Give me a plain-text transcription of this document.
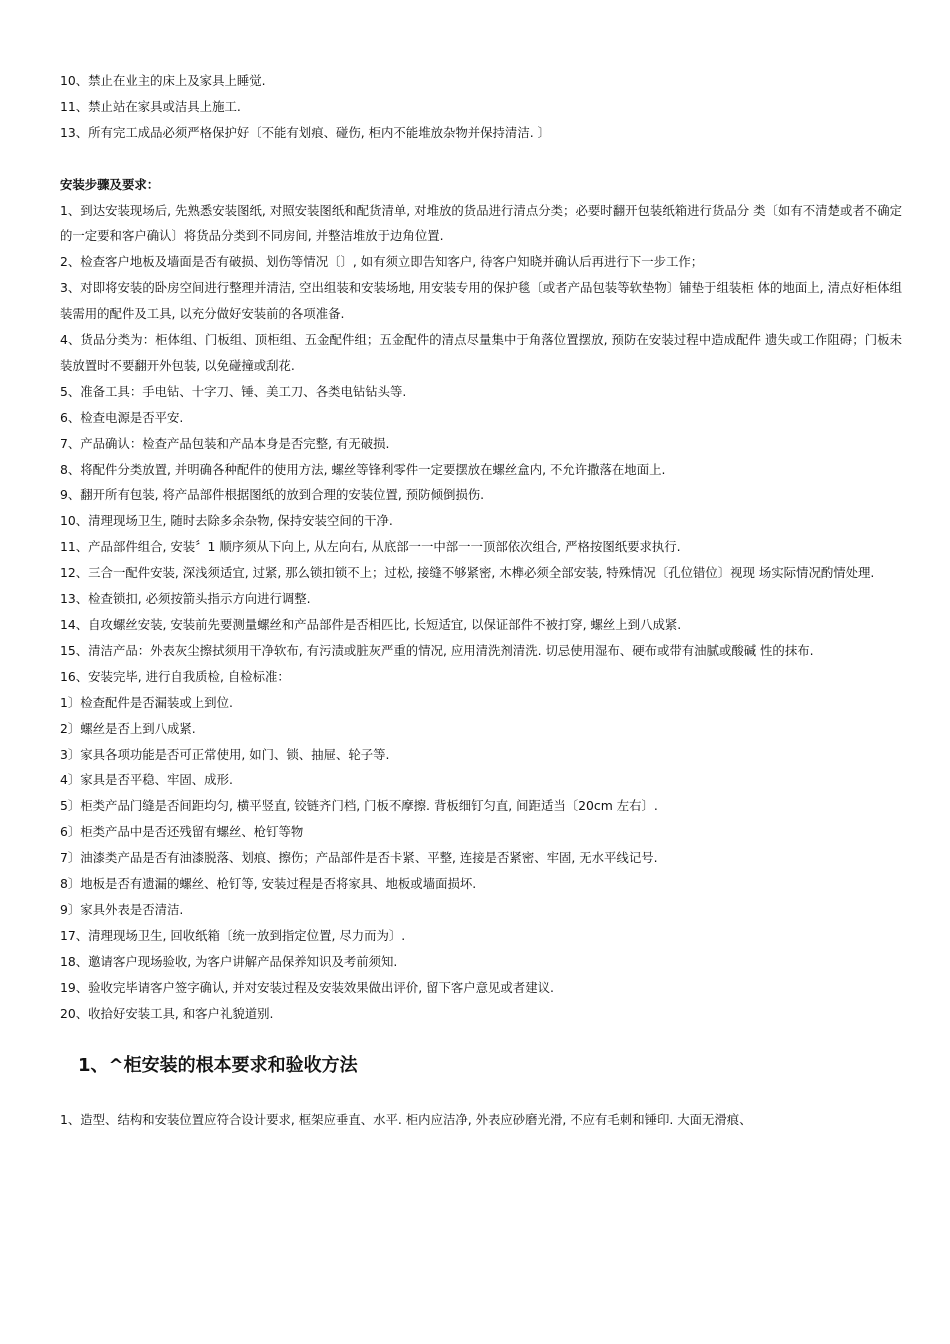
10、禁止在业主的床上及家具上睡觉.
11、禁止站在家具或洁具上施工.
13、所有完工成品必须严格保护好〔不能有划痕、碰伤, 柜内不能堆放杂物并保持清洁. 〕
安装步骤及要求：
1、到达安装现场后, 先熟悉安装图纸, 对照安装图纸和配货清单, 对堆放的货品进行清点分类；必要时翻开包装纸箱进行货品分 类〔如有不清楚或者不确定的一定要和客户确认〕将货品分类到不同房间, 并整洁堆放于边角位置.
2、检查客户地板及墙面是否有破损、划伤等情况〔〕, 如有须立即告知客户, 待客户知晓并确认后再进行下一步工作；
3、对即将安装的卧房空间进行整理并清洁, 空出组装和安装场地, 用安装专用的保护毯〔或者产品包装等软垫物〕铺垫于组装柜 体的地面上, 清点好柜体组装需用的配件及工具, 以充分做好安装前的各项准备.
4、货品分类为：柜体组、门板组、顶柜组、五金配件组；五金配件的清点尽量集中于角落位置摆放, 预防在安装过程中造成配件 遗失或工作阻碍；门板未装放置时不要翻开外包装, 以免碰撞或刮花.
5、准备工具：手电钻、十字刀、锤、美工刀、各类电钻钻头等.
6、检查电源是否平安.
7、产品确认：检查产品包装和产品本身是否完整, 有无破损.
8、将配件分类放置, 并明确各种配件的使用方法, 螺丝等锋利零件一定要摆放在螺丝盒内, 不允许撒落在地面上.
9、翻开所有包装, 将产品部件根据图纸的放到合理的安装位置, 预防倾倒损伤.
10、清理现场卫生, 随时去除多余杂物, 保持安装空间的干净.
11、产品部件组合, 安装〞1 顺序须从下向上, 从左向右, 从底部一一中部一一顶部依次组合, 严格按图纸要求执行.
12、三合一配件安装, 深浅须适宜, 过紧, 那么锁扣锁不上；过松, 接缝不够紧密, 木榫必须全部安装, 特殊情况〔孔位错位〕视现 场实际情况酌情处理.
13、检查锁扣, 必须按箭头指示方向进行调整.
14、自攻螺丝安装, 安装前先要测量螺丝和产品部件是否相匹比, 长短适宜, 以保证部件不被打穿, 螺丝上到八成紧.
15、清洁产品：外表灰尘擦拭须用干净软布, 有污渍或脏灰严重的情况, 应用清洗剂清洗. 切忌使用湿布、硬布或带有油腻或酸碱 性的抹布.
16、安装完毕, 进行自我质检, 自检标准：
1〕检查配件是否漏装或上到位.
2〕螺丝是否上到八成紧.
3〕家具各项功能是否可正常使用, 如门、锁、抽屉、轮子等.
4〕家具是否平稳、牢固、成形.
5〕柜类产品门缝是否间距均匀, 横平竖直, 铰链齐门档, 门板不摩擦. 背板细钉匀直, 间距适当〔20cm 左右〕.
6〕柜类产品中是否还残留有螺丝、枪钉等物
7〕油漆类产品是否有油漆脱落、划痕、擦伤；产品部件是否卡紧、平整, 连接是否紧密、牢固, 无水平线记号.
8〕地板是否有遗漏的螺丝、枪钉等, 安装过程是否将家具、地板或墙面损坏.
9〕家具外表是否清洁.
17、清理现场卫生, 回收纸箱〔统一放到指定位置, 尽力而为〕.
18、邀请客户现场验收, 为客户讲解产品保养知识及考前须知.
19、验收完毕请客户签字确认, 并对安装过程及安装效果做出评价, 留下客户意见或者建议.
20、收拾好安装工具, 和客户礼貌道别.
1、^柜安装的根本要求和验收方法
1、造型、结构和安装位置应符合设计要求, 框架应垂直、水平. 柜内应洁净, 外表应砂磨光滑, 不应有毛刺和锤印. 大面无滑痕、
